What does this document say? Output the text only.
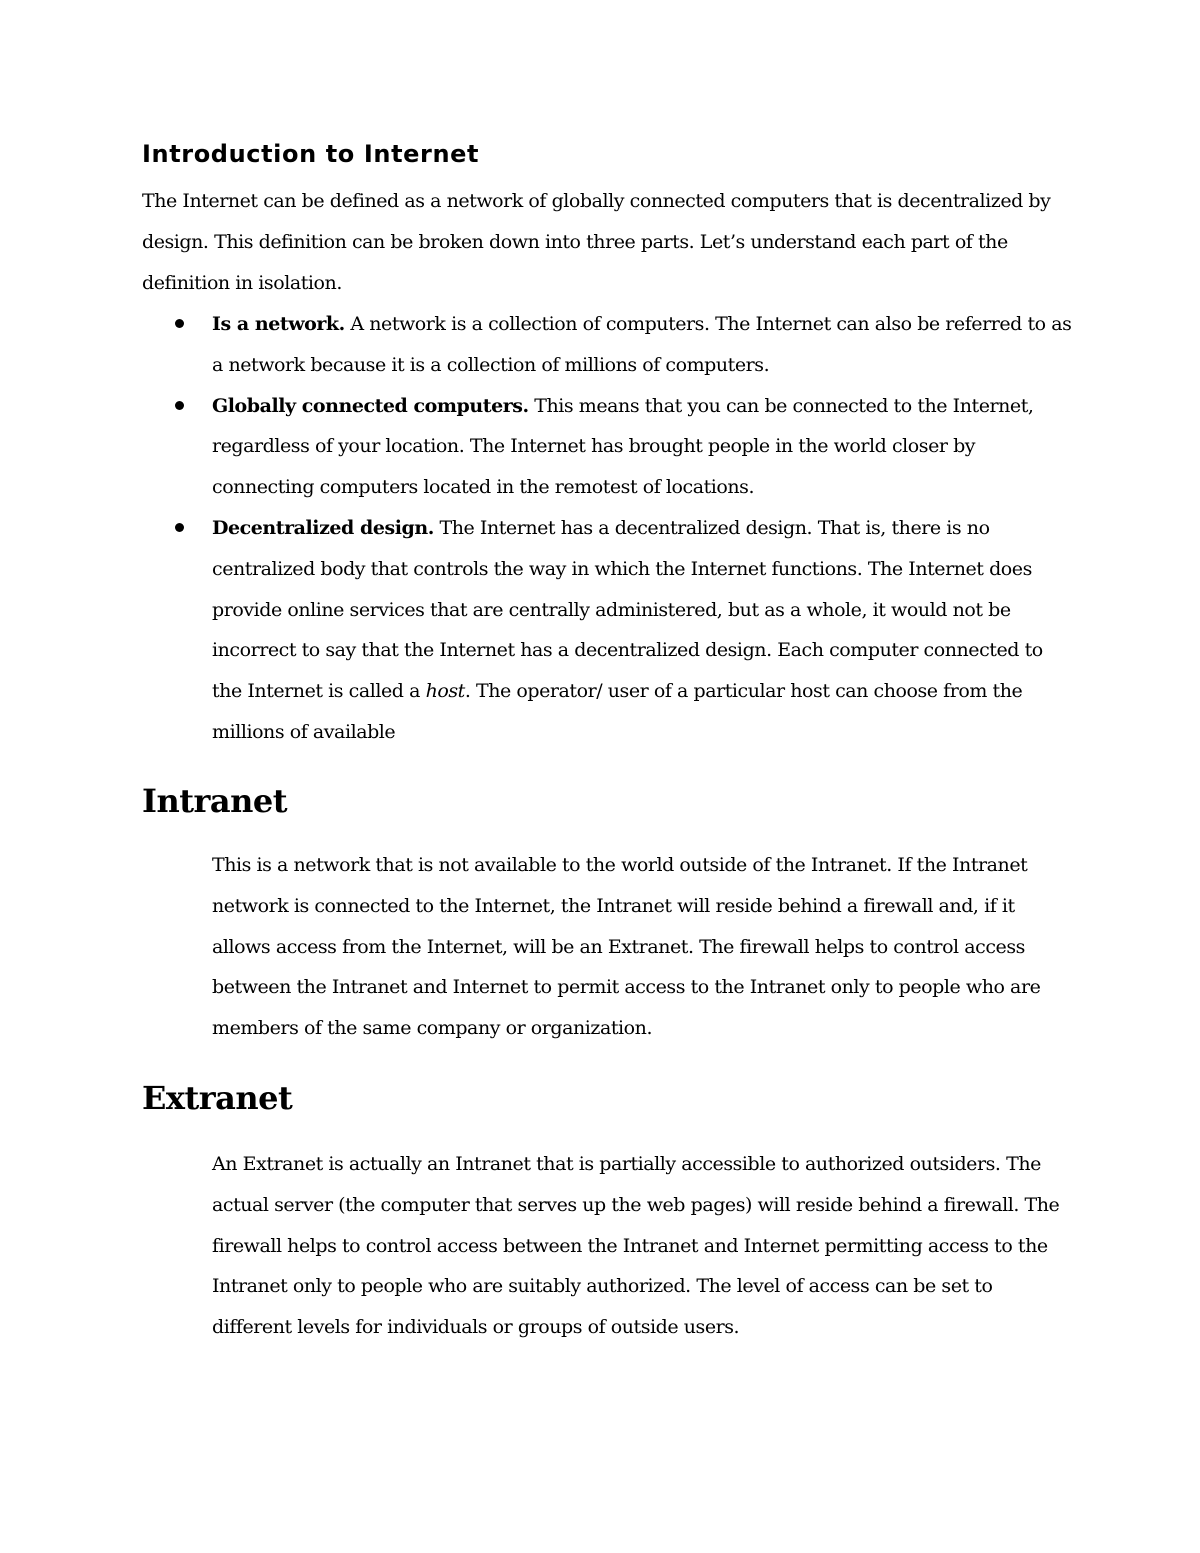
Introduction to Internet

The Internet can be defined as a network of globally connected computers that is decentralized by design. This definition can be broken down into three parts. Let’s understand each part of the definition in isolation.

Is a network. A network is a collection of computers. The Internet can also be referred to as a network because it is a collection of millions of computers.
Globally connected computers. This means that you can be connected to the Internet, regardless of your location. The Internet has brought people in the world closer by connecting computers located in the remotest of locations.
Decentralized design. The Internet has a decentralized design. That is, there is no centralized body that controls the way in which the Internet functions. The Internet does provide online services that are centrally administered, but as a whole, it would not be incorrect to say that the Internet has a decentralized design. Each computer connected to the Internet is called a host. The operator/ user of a particular host can choose from the millions of available
Intranet

This is a network that is not available to the world outside of the Intranet. If the Intranet network is connected to the Internet, the Intranet will reside behind a firewall and, if it allows access from the Internet, will be an Extranet. The firewall helps to control access between the Intranet and Internet to permit access to the Intranet only to people who are members of the same company or organization.

Extranet

An Extranet is actually an Intranet that is partially accessible to authorized outsiders. The actual server (the computer that serves up the web pages) will reside behind a firewall. The firewall helps to control access between the Intranet and Internet permitting access to the Intranet only to people who are suitably authorized. The level of access can be set to different levels for individuals or groups of outside users.
